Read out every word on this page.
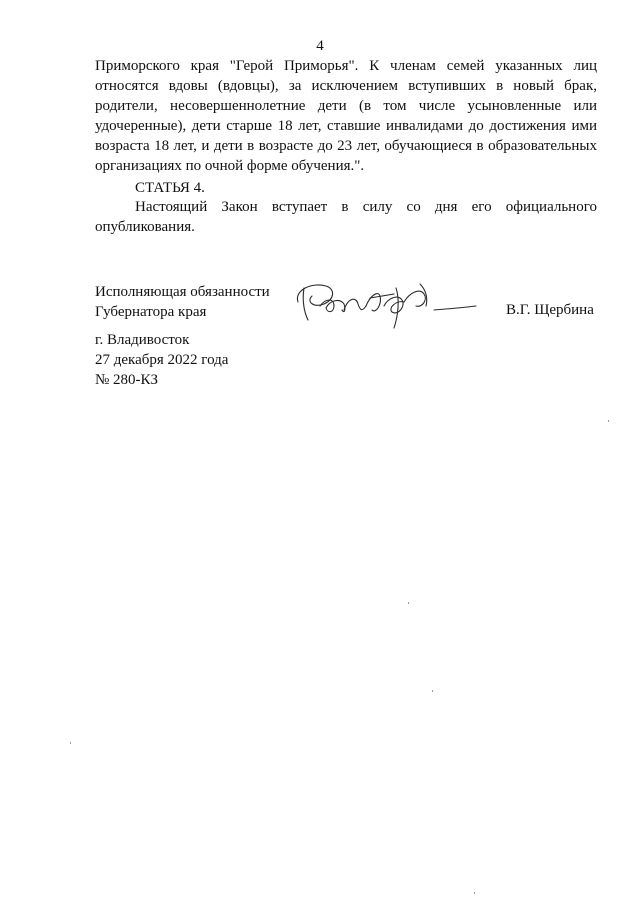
4

Приморского края "Герой Приморья". К членам семей указанных лиц относятся вдовы (вдовцы), за исключением вступивших в новый брак, родители, несовершеннолетние дети (в том числе усыновленные или удочеренные), дети старше 18 лет, ставшие инвалидами до достижения ими возраста 18 лет, и дети в возрасте до 23 лет, обучающиеся в образовательных организациях по очной форме обучения.".

СТАТЬЯ 4.

Настоящий Закон вступает в силу со дня его официального опубликования.

Исполняющая обязанности
Губернатора края	В.Г. Щербина
г. Владивосток
27 декабря 2022 года
№ 280-КЗ
